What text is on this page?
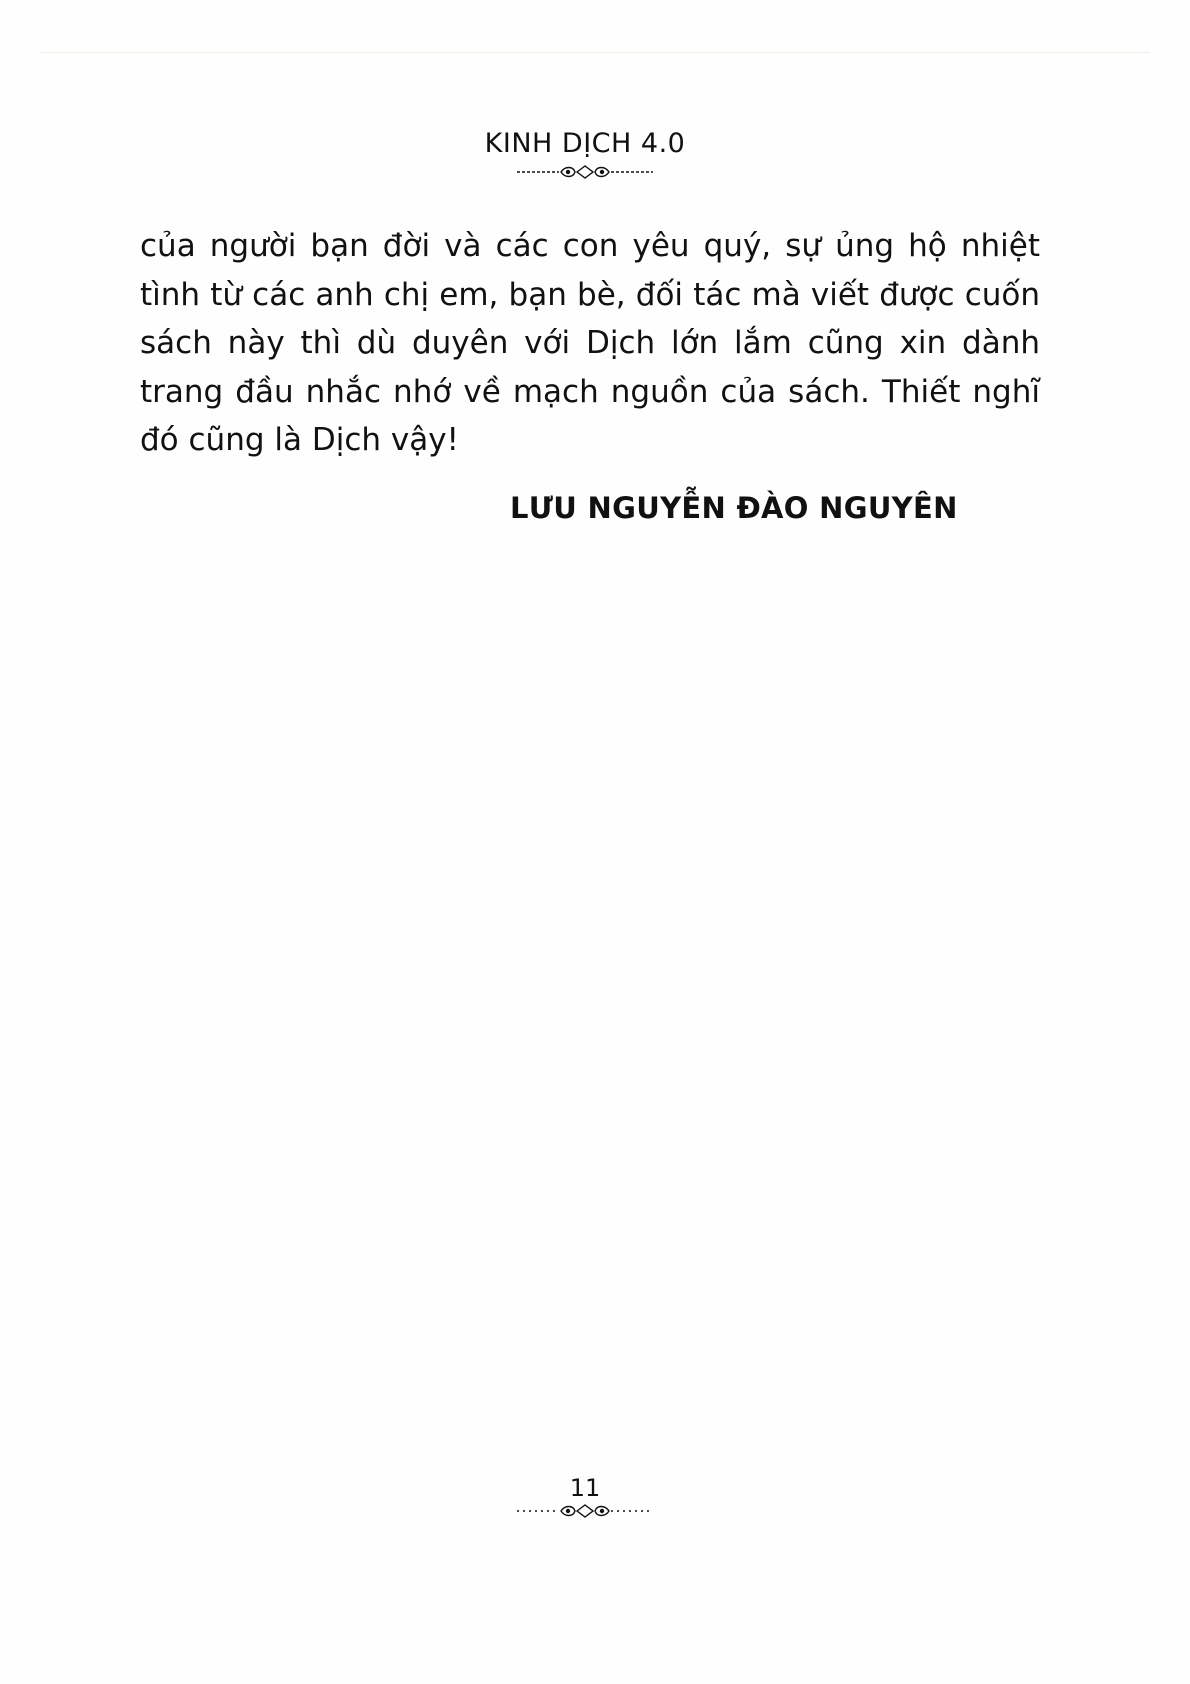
KINH DỊCH 4.0

của người bạn đời và các con yêu quý, sự ủng hộ nhiệt tình từ các anh chị em, bạn bè, đối tác mà viết được cuốn sách này thì dù duyên với Dịch lớn lắm cũng xin dành trang đầu nhắc nhớ về mạch nguồn của sách. Thiết nghĩ đó cũng là Dịch vậy!

LƯU NGUYỄN ĐÀO NGUYÊN
11
